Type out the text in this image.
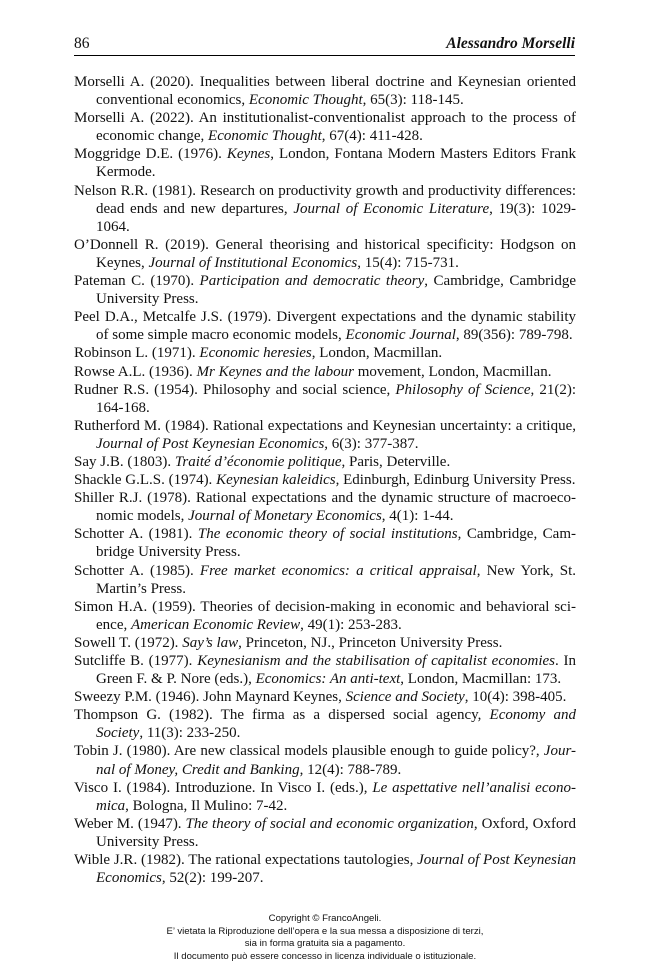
86	Alessandro Morselli

Morselli A. (2020). Inequalities between liberal doctrine and Keynesian oriented conventional economics, Economic Thought, 65(3): 118-145.

Morselli A. (2022). An institutionalist-conventionalist approach to the process of economic change, Economic Thought, 67(4): 411-428.

Moggridge D.E. (1976). Keynes, London, Fontana Modern Masters Editors Frank Kermode.

Nelson R.R. (1981). Research on productivity growth and productivity differences: dead ends and new departures, Journal of Economic Literature, 19(3): 1029-1064.

O’Donnell R. (2019). General theorising and historical specificity: Hodgson on Keynes, Journal of Institutional Economics, 15(4): 715-731.

Pateman C. (1970). Participation and democratic theory, Cambridge, Cambridge University Press.

Peel D.A., Metcalfe J.S. (1979). Divergent expectations and the dynamic stability of some simple macro economic models, Economic Journal, 89(356): 789-798.

Robinson L. (1971). Economic heresies, London, Macmillan.

Rowse A.L. (1936). Mr Keynes and the labour movement, London, Macmillan.

Rudner R.S. (1954). Philosophy and social science, Philosophy of Science, 21(2): 164-168.

Rutherford M. (1984). Rational expectations and Keynesian uncertainty: a critique, Journal of Post Keynesian Economics, 6(3): 377-387.

Say J.B. (1803). Traité d’économie politique, Paris, Deterville.

Shackle G.L.S. (1974). Keynesian kaleidics, Edinburgh, Edinburg University Press.

Shiller R.J. (1978). Rational expectations and the dynamic structure of macroeco-nomic models, Journal of Monetary Economics, 4(1): 1-44.

Schotter A. (1981). The economic theory of social institutions, Cambridge, Cam-bridge University Press.

Schotter A. (1985). Free market economics: a critical appraisal, New York, St. Martin’s Press.

Simon H.A. (1959). Theories of decision-making in economic and behavioral sci-ence, American Economic Review, 49(1): 253-283.

Sowell T. (1972). Say’s law, Princeton, NJ., Princeton University Press.

Sutcliffe B. (1977). Keynesianism and the stabilisation of capitalist economies. In Green F. & P. Nore (eds.), Economics: An anti-text, London, Macmillan: 173.

Sweezy P.M. (1946). John Maynard Keynes, Science and Society, 10(4): 398-405.

Thompson G. (1982). The firma as a dispersed social agency, Economy and Society, 11(3): 233-250.

Tobin J. (1980). Are new classical models plausible enough to guide policy?, Jour-nal of Money, Credit and Banking, 12(4): 788-789.

Visco I. (1984). Introduzione. In Visco I. (eds.), Le aspettative nell’analisi econo-mica, Bologna, Il Mulino: 7-42.

Weber M. (1947). The theory of social and economic organization, Oxford, Oxford University Press.

Wible J.R. (1982). The rational expectations tautologies, Journal of Post Keynesian Economics, 52(2): 199-207.

Copyright © FrancoAngeli.
E’ vietata la Riproduzione dell’opera e la sua messa a disposizione di terzi,
sia in forma gratuita sia a pagamento.
Il documento può essere concesso in licenza individuale o istituzionale.
